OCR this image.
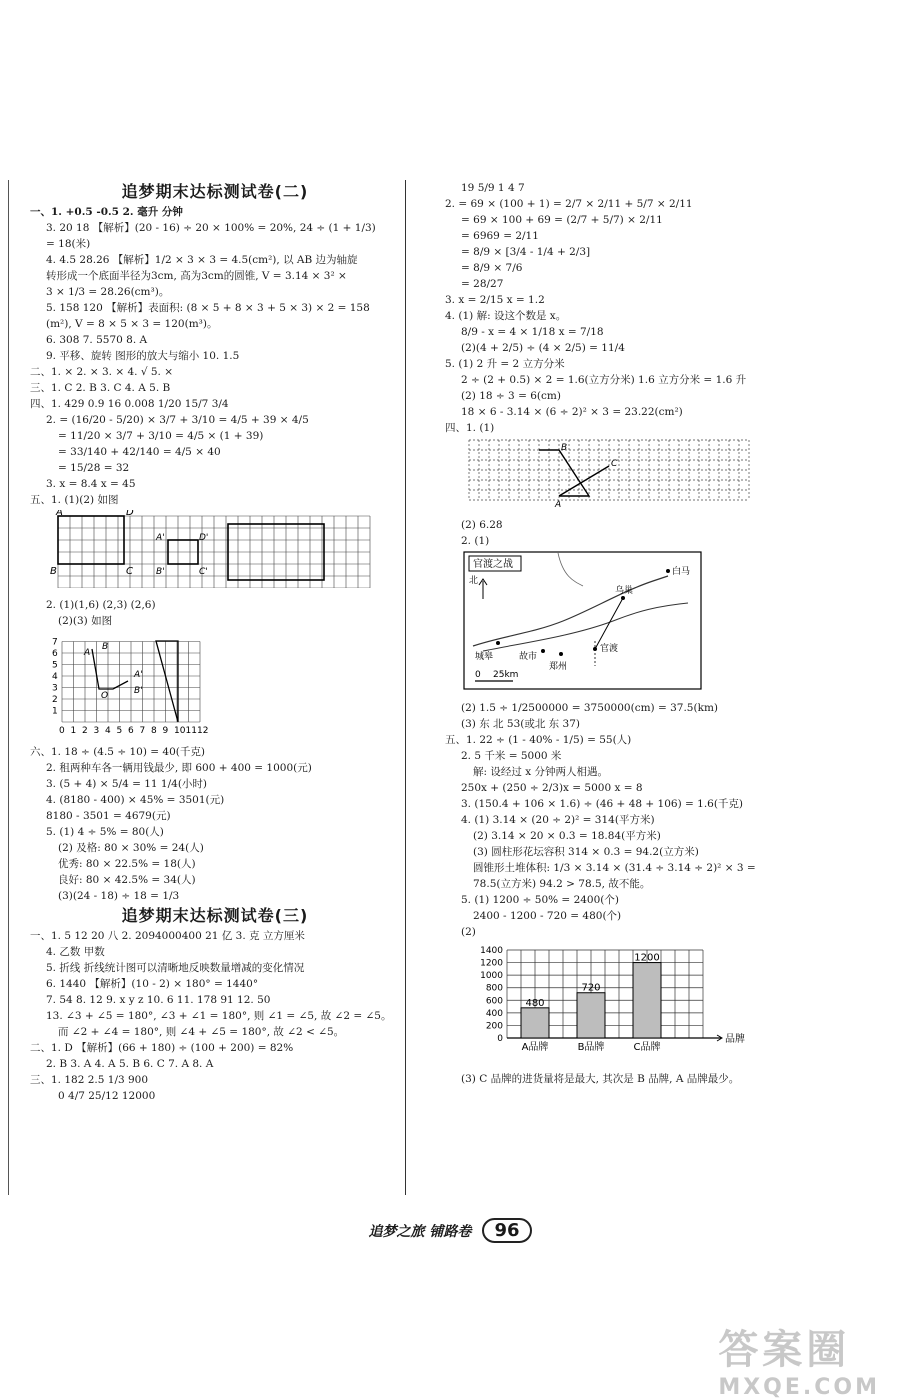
追梦期末达标测试卷(二)
一、1. +0.5 -0.5 2. 毫升 分钟
3. 20 18 【解析】(20 - 16) ÷ 20 × 100% = 20%, 24 ÷ (1 + 1/3)
= 18(米)
4. 4.5 28.26 【解析】1/2 × 3 × 3 = 4.5(cm²), 以 AB 边为轴旋
转形成一个底面半径为3cm, 高为3cm的圆锥, V = 3.14 × 3² ×
3 × 1/3 = 28.26(cm³)。
5. 158 120 【解析】表面积: (8 × 5 + 8 × 3 + 5 × 3) × 2 = 158
(m²), V = 8 × 5 × 3 = 120(m³)。
6. 308 7. 5570 8. A
9. 平移、旋转 图形的放大与缩小 10. 1.5
二、1. × 2. × 3. × 4. √ 5. ×
三、1. C 2. B 3. C 4. A 5. B
四、1. 429 0.9 16 0.008 1/20 15/7 3/4
2. = (16/20 - 5/20) × 3/7 + 3/10 = 4/5 + 39 × 4/5
= 11/20 × 3/7 + 3/10 = 4/5 × (1 + 39)
= 33/140 + 42/140 = 4/5 × 40
= 15/28 = 32
3. x = 8.4 x = 45
五、1. (1)(2) 如图
A	D
B	C
A'	D'
B'	C'
2. (1)(1,6) (2,3) (2,6)
(2)(3) 如图
1
2
3
4
5
6
7
0 1 2 3 4 5 6 7 8 9 10 11 12
A
B
O
A'
B'
六、1. 18 ÷ (4.5 ÷ 10) = 40(千克)
2. 租两种车各一辆用钱最少, 即 600 + 400 = 1000(元)
3. (5 + 4) × 5/4 = 11 1/4(小时)
4. (8180 - 400) × 45% = 3501(元)
8180 - 3501 = 4679(元)
5. (1) 4 ÷ 5% = 80(人)
(2) 及格: 80 × 30% = 24(人)
优秀: 80 × 22.5% = 18(人)
良好: 80 × 42.5% = 34(人)
(3)(24 - 18) ÷ 18 = 1/3
追梦期末达标测试卷(三)
一、1. 5 12 20 八 2. 2094000400 21 亿 3. 克 立方厘米
4. 乙数 甲数
5. 折线 折线统计图可以清晰地反映数量增减的变化情况
6. 1440 【解析】(10 - 2) × 180° = 1440°
7. 54 8. 12 9. x y z 10. 6 11. 178 91 12. 50
13. ∠3 + ∠5 = 180°, ∠3 + ∠1 = 180°, 则 ∠1 = ∠5, 故 ∠2 = ∠5。
而 ∠2 + ∠4 = 180°, 则 ∠4 + ∠5 = 180°, 故 ∠2 < ∠5。
二、1. D 【解析】(66 + 180) ÷ (100 + 200) = 82%
2. B 3. A 4. A 5. B 6. C 7. A 8. A
三、1. 182 2.5 1/3 900
0 4/7 25/12 12000
19 5/9 1 4 7
2. = 69 × (100 + 1) = 2/7 × 2/11 + 5/7 × 2/11
= 69 × 100 + 69 = (2/7 + 5/7) × 2/11
= 6969 = 2/11
= 8/9 × [3/4 - 1/4 + 2/3]
= 8/9 × 7/6
= 28/27
3. x = 2/15 x = 1.2
4. (1) 解: 设这个数是 x。
8/9 - x = 4 × 1/18 x = 7/18
(2)(4 + 2/5) ÷ (4 × 2/5) = 11/4
5. (1) 2 升 = 2 立方分米
2 ÷ (2 + 0.5) × 2 = 1.6(立方分米) 1.6 立方分米 = 1.6 升
(2) 18 ÷ 3 = 6(cm)
18 × 6 - 3.14 × (6 ÷ 2)² × 3 = 23.22(cm²)
四、1. (1)
B
C
A
(2) 6.28
2. (1)
官渡之战
北
白马
乌巢
城皋	故市
郑州
官渡
0 25km
(2) 1.5 ÷ 1/2500000 = 3750000(cm) = 37.5(km)
(3) 东 北 53(或北 东 37)
五、1. 22 ÷ (1 - 40% - 1/5) = 55(人)
2. 5 千米 = 5000 米
解: 设经过 x 分钟两人相遇。
250x + (250 ÷ 2/3)x = 5000 x = 8
3. (150.4 + 106 × 1.6) ÷ (46 + 48 + 106) = 1.6(千克)
4. (1) 3.14 × (20 ÷ 2)² = 314(平方米)
(2) 3.14 × 20 × 0.3 = 18.84(平方米)
(3) 圆柱形花坛容积 314 × 0.3 = 94.2(立方米)
圆锥形土堆体积: 1/3 × 3.14 × (31.4 ÷ 3.14 ÷ 2)² × 3 =
78.5(立方米) 94.2 > 78.5, 故不能。
5. (1) 1200 ÷ 50% = 2400(个)
2400 - 1200 - 720 = 480(个)
(2)
0
200
400
600
800
1000
1200
1400
品牌
480
A品牌
720
B品牌
1200
C品牌
(3) C 品牌的进货量将是最大, 其次是 B 品牌, A 品牌最少。
追梦之旅 铺路卷 96
答案圈
MXQE.COM
